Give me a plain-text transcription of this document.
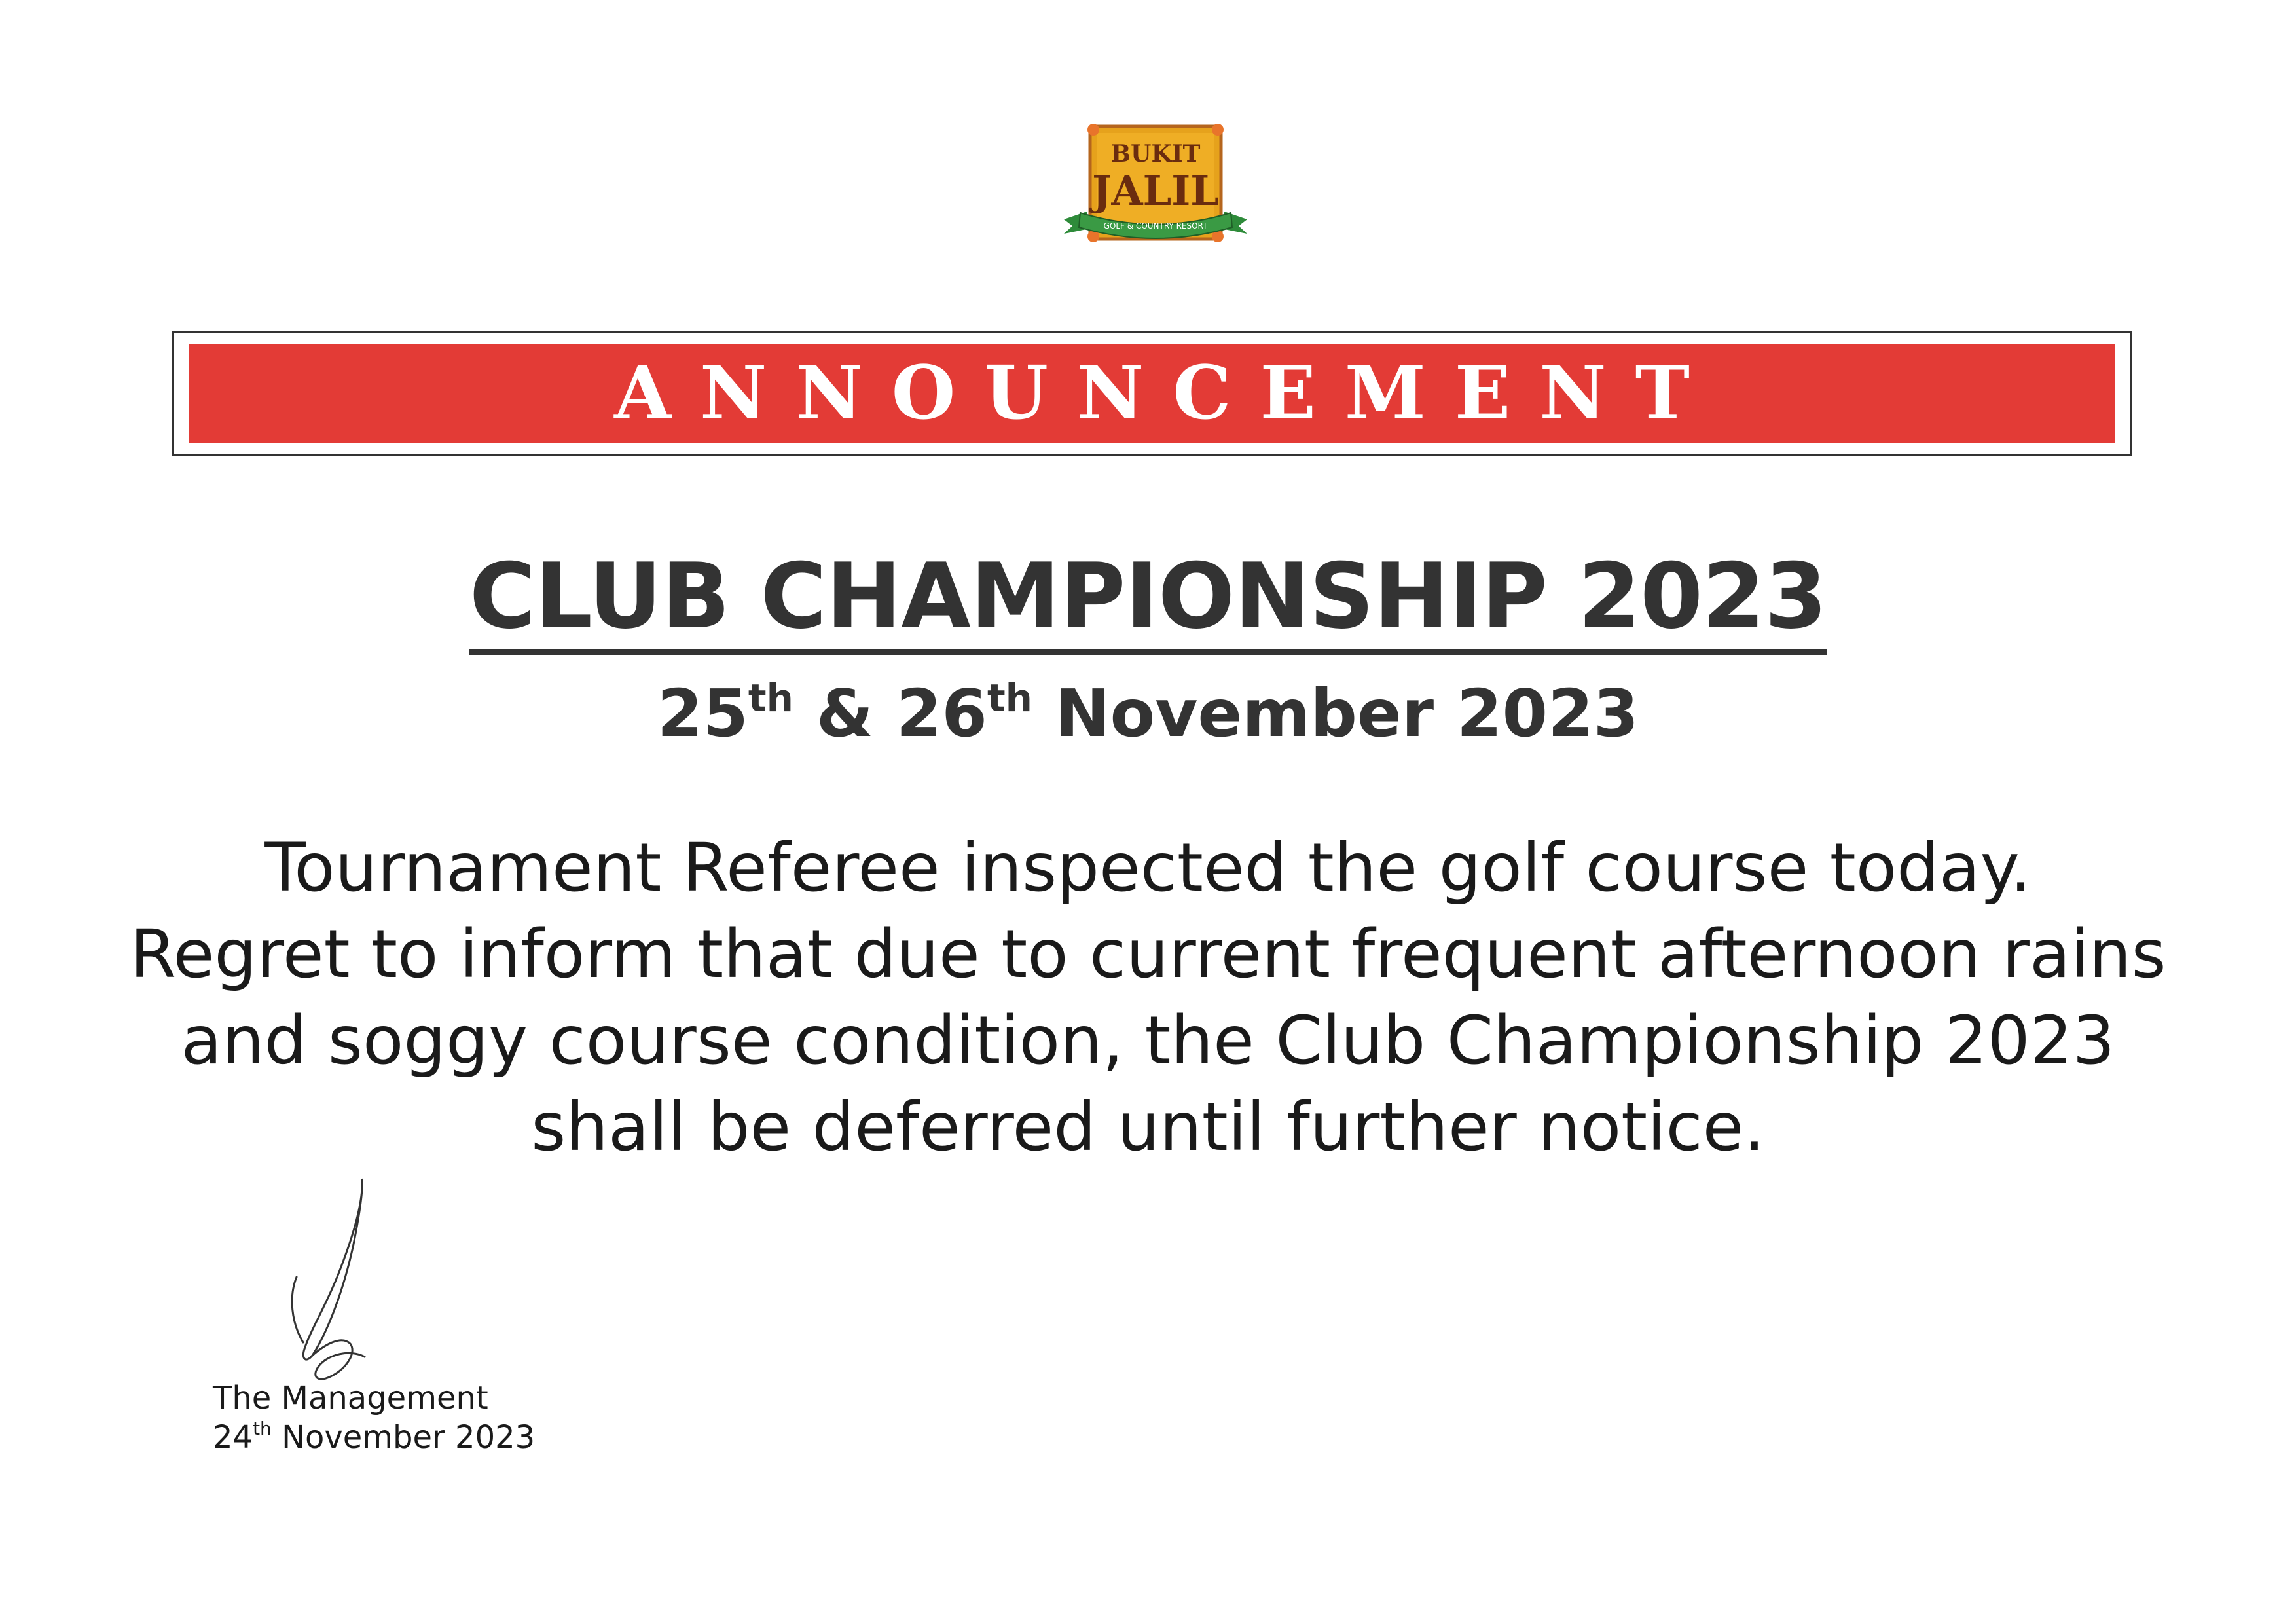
BUKIT
JALIL
GOLF & COUNTRY RESORT
ANNOUNCEMENT
CLUB CHAMPIONSHIP 2023
25th & 26th November 2023
Tournament Referee inspected the golf course today.
Regret to inform that due to current frequent afternoon rains
and soggy course condition, the Club Championship 2023
shall be deferred until further notice.
The Management
24th November 2023
